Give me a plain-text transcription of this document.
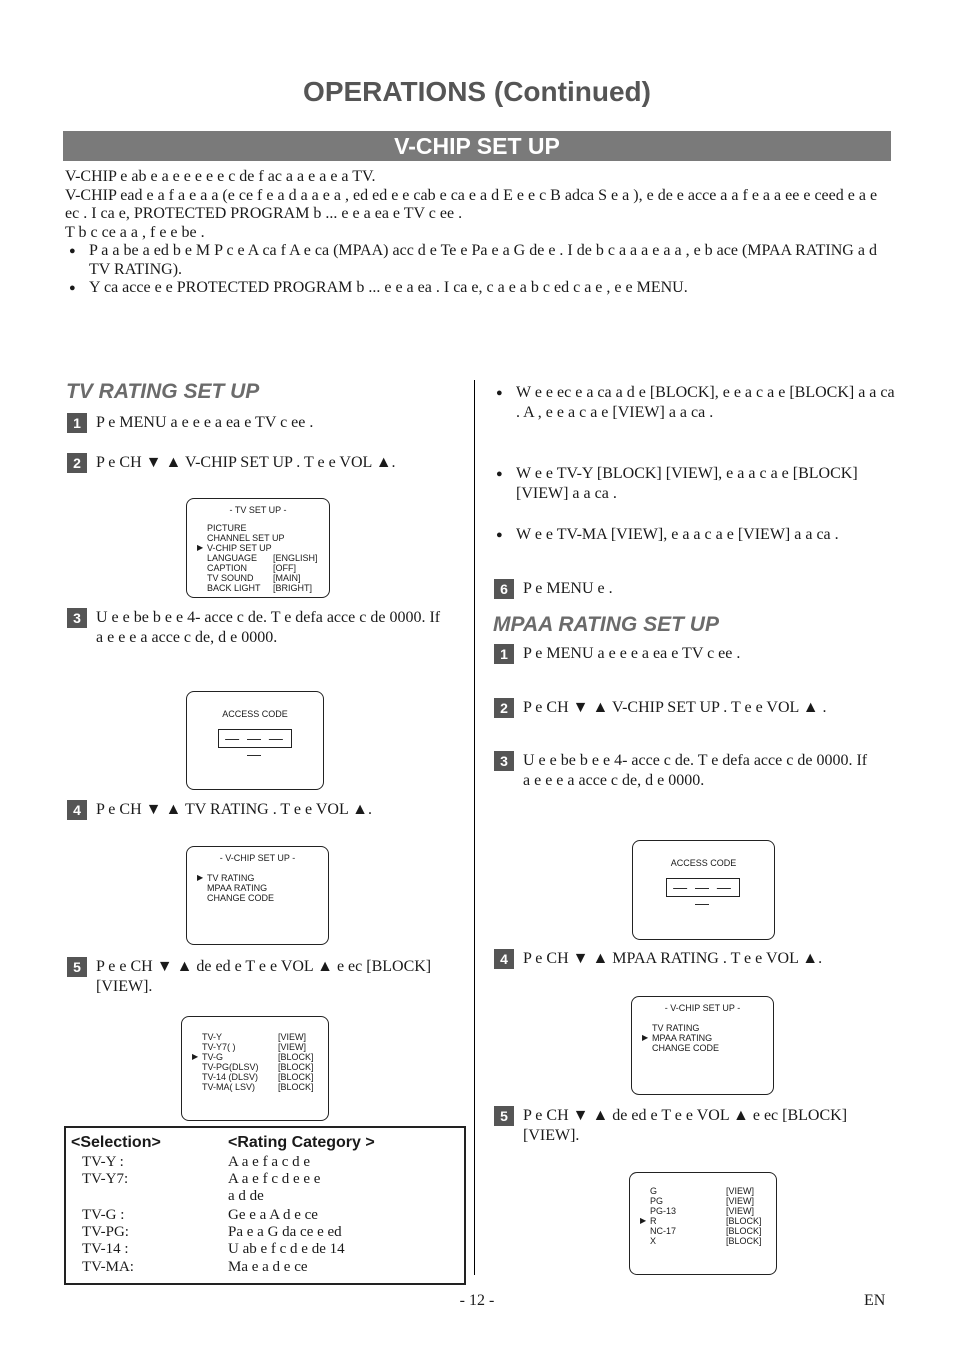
OPERATIONS (Continued)
V-CHIP SET UP

V-CHIP e ab e a e e e e e c de f ac a a e a e a TV.

V-CHIP ead e a f a e a a (e ce f e a d a a e a , ed ed e e cab e ca e a d E e e c B adca S e a ), e de e acce a a f e a a ee e ceed e a e ec . I ca e, PROTECTED PROGRAM b ... e e a ea e TV c ee .

T b c ce a a , f e e be .

● P a a be a ed b e M P c e A ca f A e ca (MPAA) acc d e Te e Pa e a G de e . I de b c a a a e a a , e b ace (MPAA RATING a d TV RATING).

● Y ca acce e e PROTECTED PROGRAM b ... e e a ea . I ca e, c a e a b c ed c a e , e e MENU.

TV RATING SET UP
1 P e MENU a e e e a ea e TV c ee .
2 P e CH ▼ ▲ V-CHIP SET UP . T e e VOL ▲.
- TV SET UP -
PICTURE
CHANNEL SET UP
▶ V-CHIP SET UP
LANGUAGE [ENGLISH]
CAPTION	[OFF]
TV SOUND [MAIN]
BACK LIGHT [BRIGHT]
3 U e e be b e e 4- acce c de. T e defa acce c de 0000. If a e e e a acce c de, d e 0000.
ACCESS CODE
— — — —
4 P e CH ▼ ▲ TV RATING . T e e VOL ▲.
- V-CHIP SET UP -
▶ TV RATING
MPAA RATING
CHANGE CODE
5 P e e CH ▼ ▲ de ed e T e e VOL ▲ e ec [BLOCK] [VIEW].
TV-Y	[VIEW]
TV-Y7( )	[VIEW]
▶ TV-G	[BLOCK]
TV-PG(DLSV) [BLOCK]
TV-14 (DLSV) [BLOCK]
TV-MA( LSV)	[BLOCK]
<Selection>	<Rating Category >
TV-Y :	A a e f a c d e
TV-Y7:	A a e f c d e e e
a d de
TV-G :	Ge e a A d e ce
TV-PG:	Pa e a G da ce e ed
TV-14 :	U ab e f c d e de 14
TV-MA:	Ma e a d e ce
● W e e ec e a ca a d e [BLOCK], e e a c a e [BLOCK] a a ca . A , e e a c a e [VIEW] a a ca .
● W e e TV-Y [BLOCK] [VIEW], e a a c a e [BLOCK] [VIEW] a a ca .
● W e e TV-MA [VIEW], e a a c a e [VIEW] a a ca .
6 P e MENU e .
MPAA RATING SET UP
1 P e MENU a e e e a ea e TV c ee .
2 P e CH ▼ ▲ V-CHIP SET UP . T e e VOL ▲ .
3 U e e be b e e 4- acce c de. T e defa acce c de 0000. If a e e e a acce c de, d e 0000.
ACCESS CODE
— — — —
4 P e CH ▼ ▲ MPAA RATING . T e e VOL ▲.
- V-CHIP SET UP -
TV RATING
▶ MPAA RATING
CHANGE CODE
5 P e CH ▼ ▲ de ed e T e e VOL ▲ e ec [BLOCK] [VIEW].
G	[VIEW]
PG	[VIEW]
PG-13	[VIEW]
▶ R	[BLOCK]
NC-17	[BLOCK]
X	[BLOCK]
- 12 -	EN
